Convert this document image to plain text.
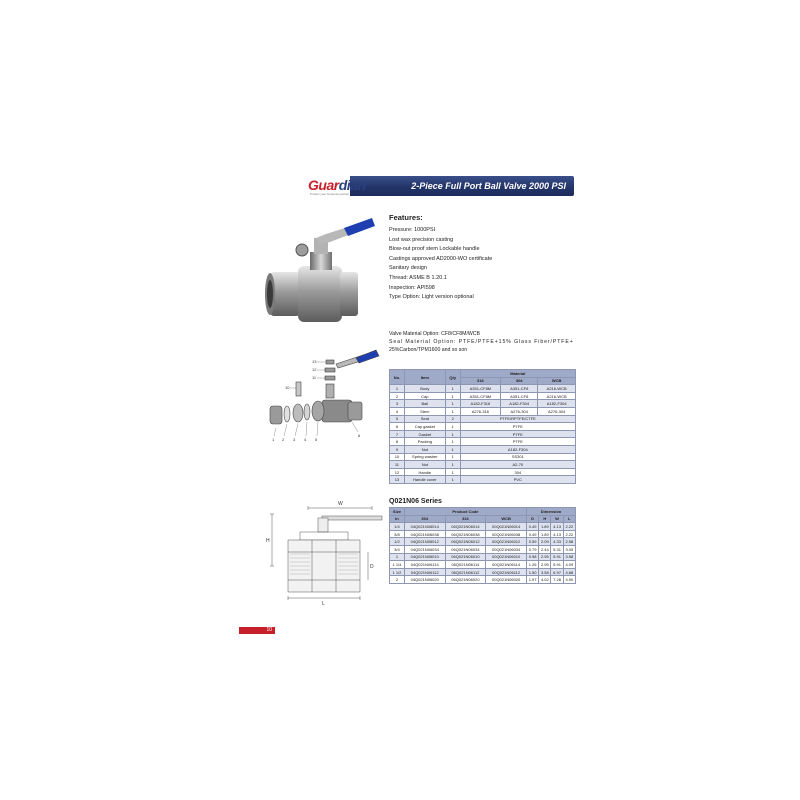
2-Piece Full Port Ball Valve 2000 PSI
Guardian
Protect your business partner
Features:
Pressure: 1000PSI
Lost wax precision casting
Blow-out proof stem Lockable handle
Castings approved AD2000-WO certificate
Sanitary design
Thread: ASME B 1.20.1
Inspection: API598
Type Option: Light version optional
Valve Material Option: CF8/CF8M/WCB
Seal Material Option: PTFE/PTFE+15% Glass Fiber/PTFE+
25%Carbon/TPM1600 and so son
13
12
11
10
1 2 3 4 5
6
No.	Item	Qty	Material		
			316	304	WCB
1	Body	1	A351-CF8M	A351-CF8	A216-WCB
2	Cap	1	A351-CF8M	A351-CF8	A216-WCB
3	Ball	1	A182-F316	A182-F304	A182-F304
4	Stem	1	A276-316	A276-304	A276-304
5	Seat	2	PTFE/RPTFE/CTFE		
6	Cap gasket	1	PTFE		
7	Gasket	1	PTFE		
8	Packing	1	PTFE		
9	Nut	1	A182-F304		
10	Spring washer	1	SS301		
11	Nut	1	A2-70		
12	Handle	1	304		
13	Handle cover	1	PVC		
W
H
L
D
Q021N06 Series
Size	Product Code			Dimension			
In	304	316	WCB	D	H	W	L
1/4	04Q021N06014	06Q021N06014	00Q021N06014	0.49	1.89	4.13	2.22
3/8	04Q021N06038	06Q021N06038	00Q021N06038	0.49	1.89	4.13	2.22
1/2	04Q021N06012	06Q021N06012	00Q021N06012	0.59	2.09	4.33	2.58
3/4	04Q021N06034	06Q021N06034	00Q021N06034	0.79	2.44	5.31	3.05
1	04Q021N06010	06Q021N06010	00Q021N06010	0.98	2.95	5.91	3.58
1 1/4	04Q021N06114	06Q021N06114	00Q021N06114	1.26	2.95	5.91	4.09
1 1/2	04Q021N06112	06Q021N06112	00Q021N06112	1.50	3.58	6.97	4.88
2	04Q021N06020	06Q021N06020	00Q021N06020	1.97	4.02	7.28	4.90
10
